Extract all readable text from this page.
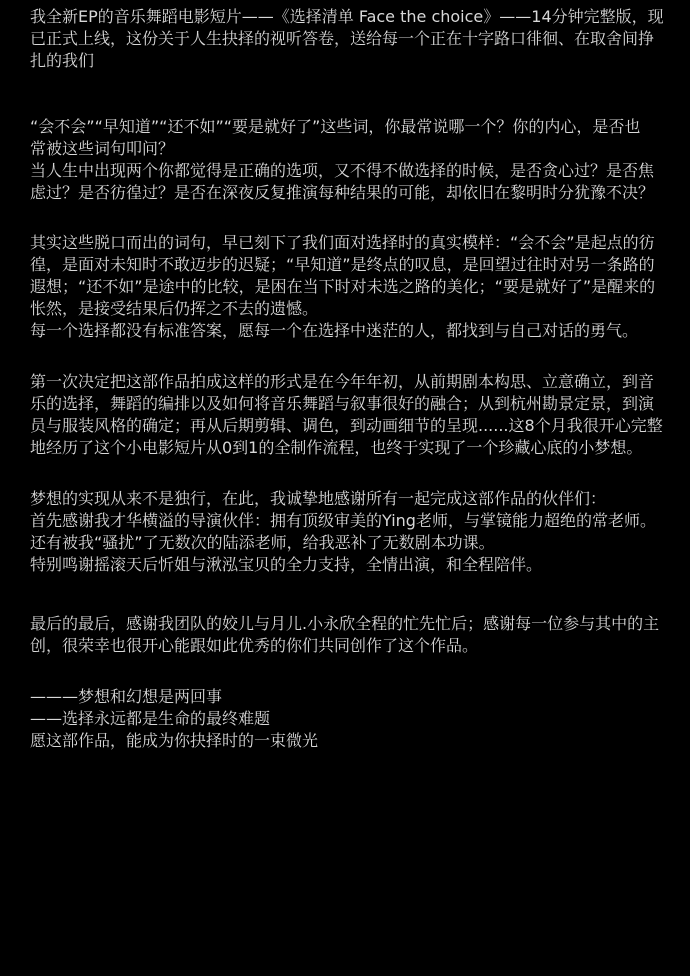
我全新EP的音乐舞蹈电影短片——《选择清单 Face the choice》——14分钟完整版，现
已正式上线，这份关于人生抉择的视听答卷，送给每一个正在十字路口徘徊、在取舍间挣
扎的我们
“会不会”“早知道”“还不如”“要是就好了”这些词，你最常说哪一个？你的内心，是否也
常被这些词句叩问？
当人生中出现两个你都觉得是正确的选项，又不得不做选择的时候，是否贪心过？是否焦
虑过？是否彷徨过？是否在深夜反复推演每种结果的可能，却依旧在黎明时分犹豫不决？
其实这些脱口而出的词句，早已刻下了我们面对选择时的真实模样：“会不会”是起点的彷
徨，是面对未知时不敢迈步的迟疑；“早知道”是终点的叹息，是回望过往时对另一条路的
遐想；“还不如”是途中的比较，是困在当下时对未选之路的美化；“要是就好了”是醒来的
怅然，是接受结果后仍挥之不去的遗憾。
每一个选择都没有标准答案，愿每一个在选择中迷茫的人，都找到与自己对话的勇气。
第一次决定把这部作品拍成这样的形式是在今年年初，从前期剧本构思、立意确立，到音
乐的选择，舞蹈的编排以及如何将音乐舞蹈与叙事很好的融合；从到杭州勘景定景，到演
员与服装风格的确定；再从后期剪辑、调色，到动画细节的呈现......这8个月我很开心完整
地经历了这个小电影短片从0到1的全制作流程，也终于实现了一个珍藏心底的小梦想。
梦想的实现从来不是独行，在此，我诚挚地感谢所有一起完成这部作品的伙伴们：
首先感谢我才华横溢的导演伙伴：拥有顶级审美的Ying老师，与掌镜能力超绝的常老师。
还有被我“骚扰”了无数次的陆添老师，给我恶补了无数剧本功课。
特别鸣谢摇滚天后忻姐与湫泓宝贝的全力支持，全情出演，和全程陪伴。
最后的最后，感谢我团队的姣儿与月儿.小永欣全程的忙先忙后；感谢每一位参与其中的主
创，很荣幸也很开心能跟如此优秀的你们共同创作了这个作品。
———梦想和幻想是两回事
——选择永远都是生命的最终难题
愿这部作品，能成为你抉择时的一束微光
